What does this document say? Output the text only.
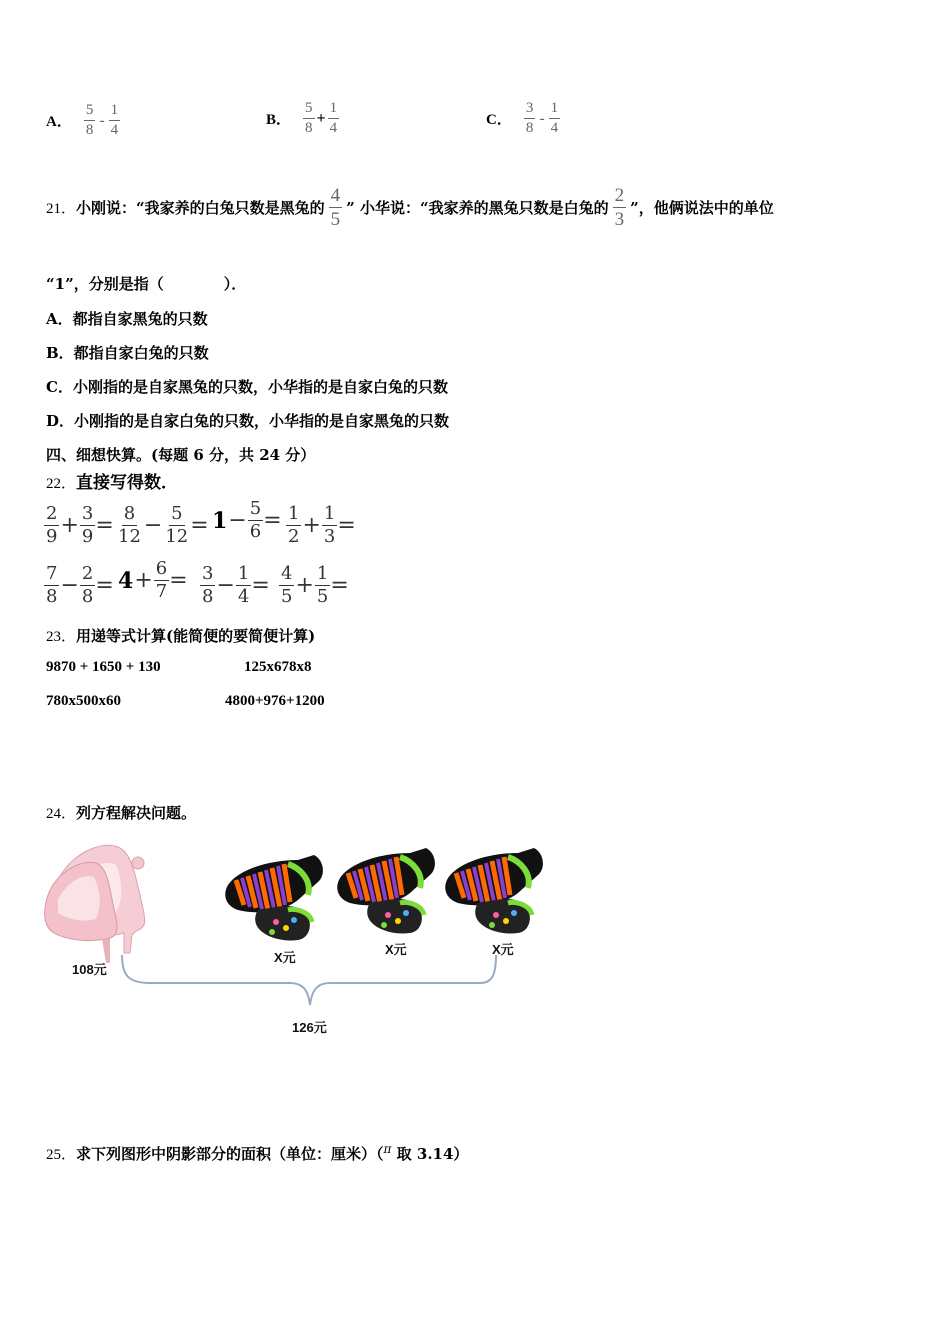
A． $\frac{5}{8} - \frac{1}{4}$	B． $\frac{5}{8} + \frac{1}{4}$	C． $\frac{3}{8} - \frac{1}{4}$
21． 小刚说：“我家养的白兔只数是黑兔的 $\frac{4}{5}$ ” 小华说：“我家养的黑兔只数是白兔的 $\frac{2}{3}$ ”，他俩说法中的单位
“1”，分别是指（　　　　）．
A．都指自家黑兔的只数
B．都指自家白兔的只数
C．小刚指的是自家黑兔的只数，小华指的是自家白兔的只数
D．小刚指的是自家白兔的只数，小华指的是自家黑兔的只数
四、细想快算。(每题 6 分，共 24 分）
22．直接写得数．
$\frac{2}{9} + \frac{3}{9} = \frac{8}{12} - \frac{5}{12} = 1 - \frac{5}{6} = \frac{1}{2} + \frac{1}{3}$ =
$\frac{7}{8} - \frac{2}{8} = 4 + \frac{6}{7} = \frac{3}{8} - \frac{1}{4} = \frac{4}{5} + \frac{1}{5}$ =
23．用递等式计算(能简便的要简便计算)
9870 + 1650 + 130	125x678x8
780x500x60	4800+976+1200
24．列方程解决问题。
108元
X元
X元	X元
126元
25．求下列图形中阴影部分的面积（单位：厘米）（$^\pi$ 取 3.14）
